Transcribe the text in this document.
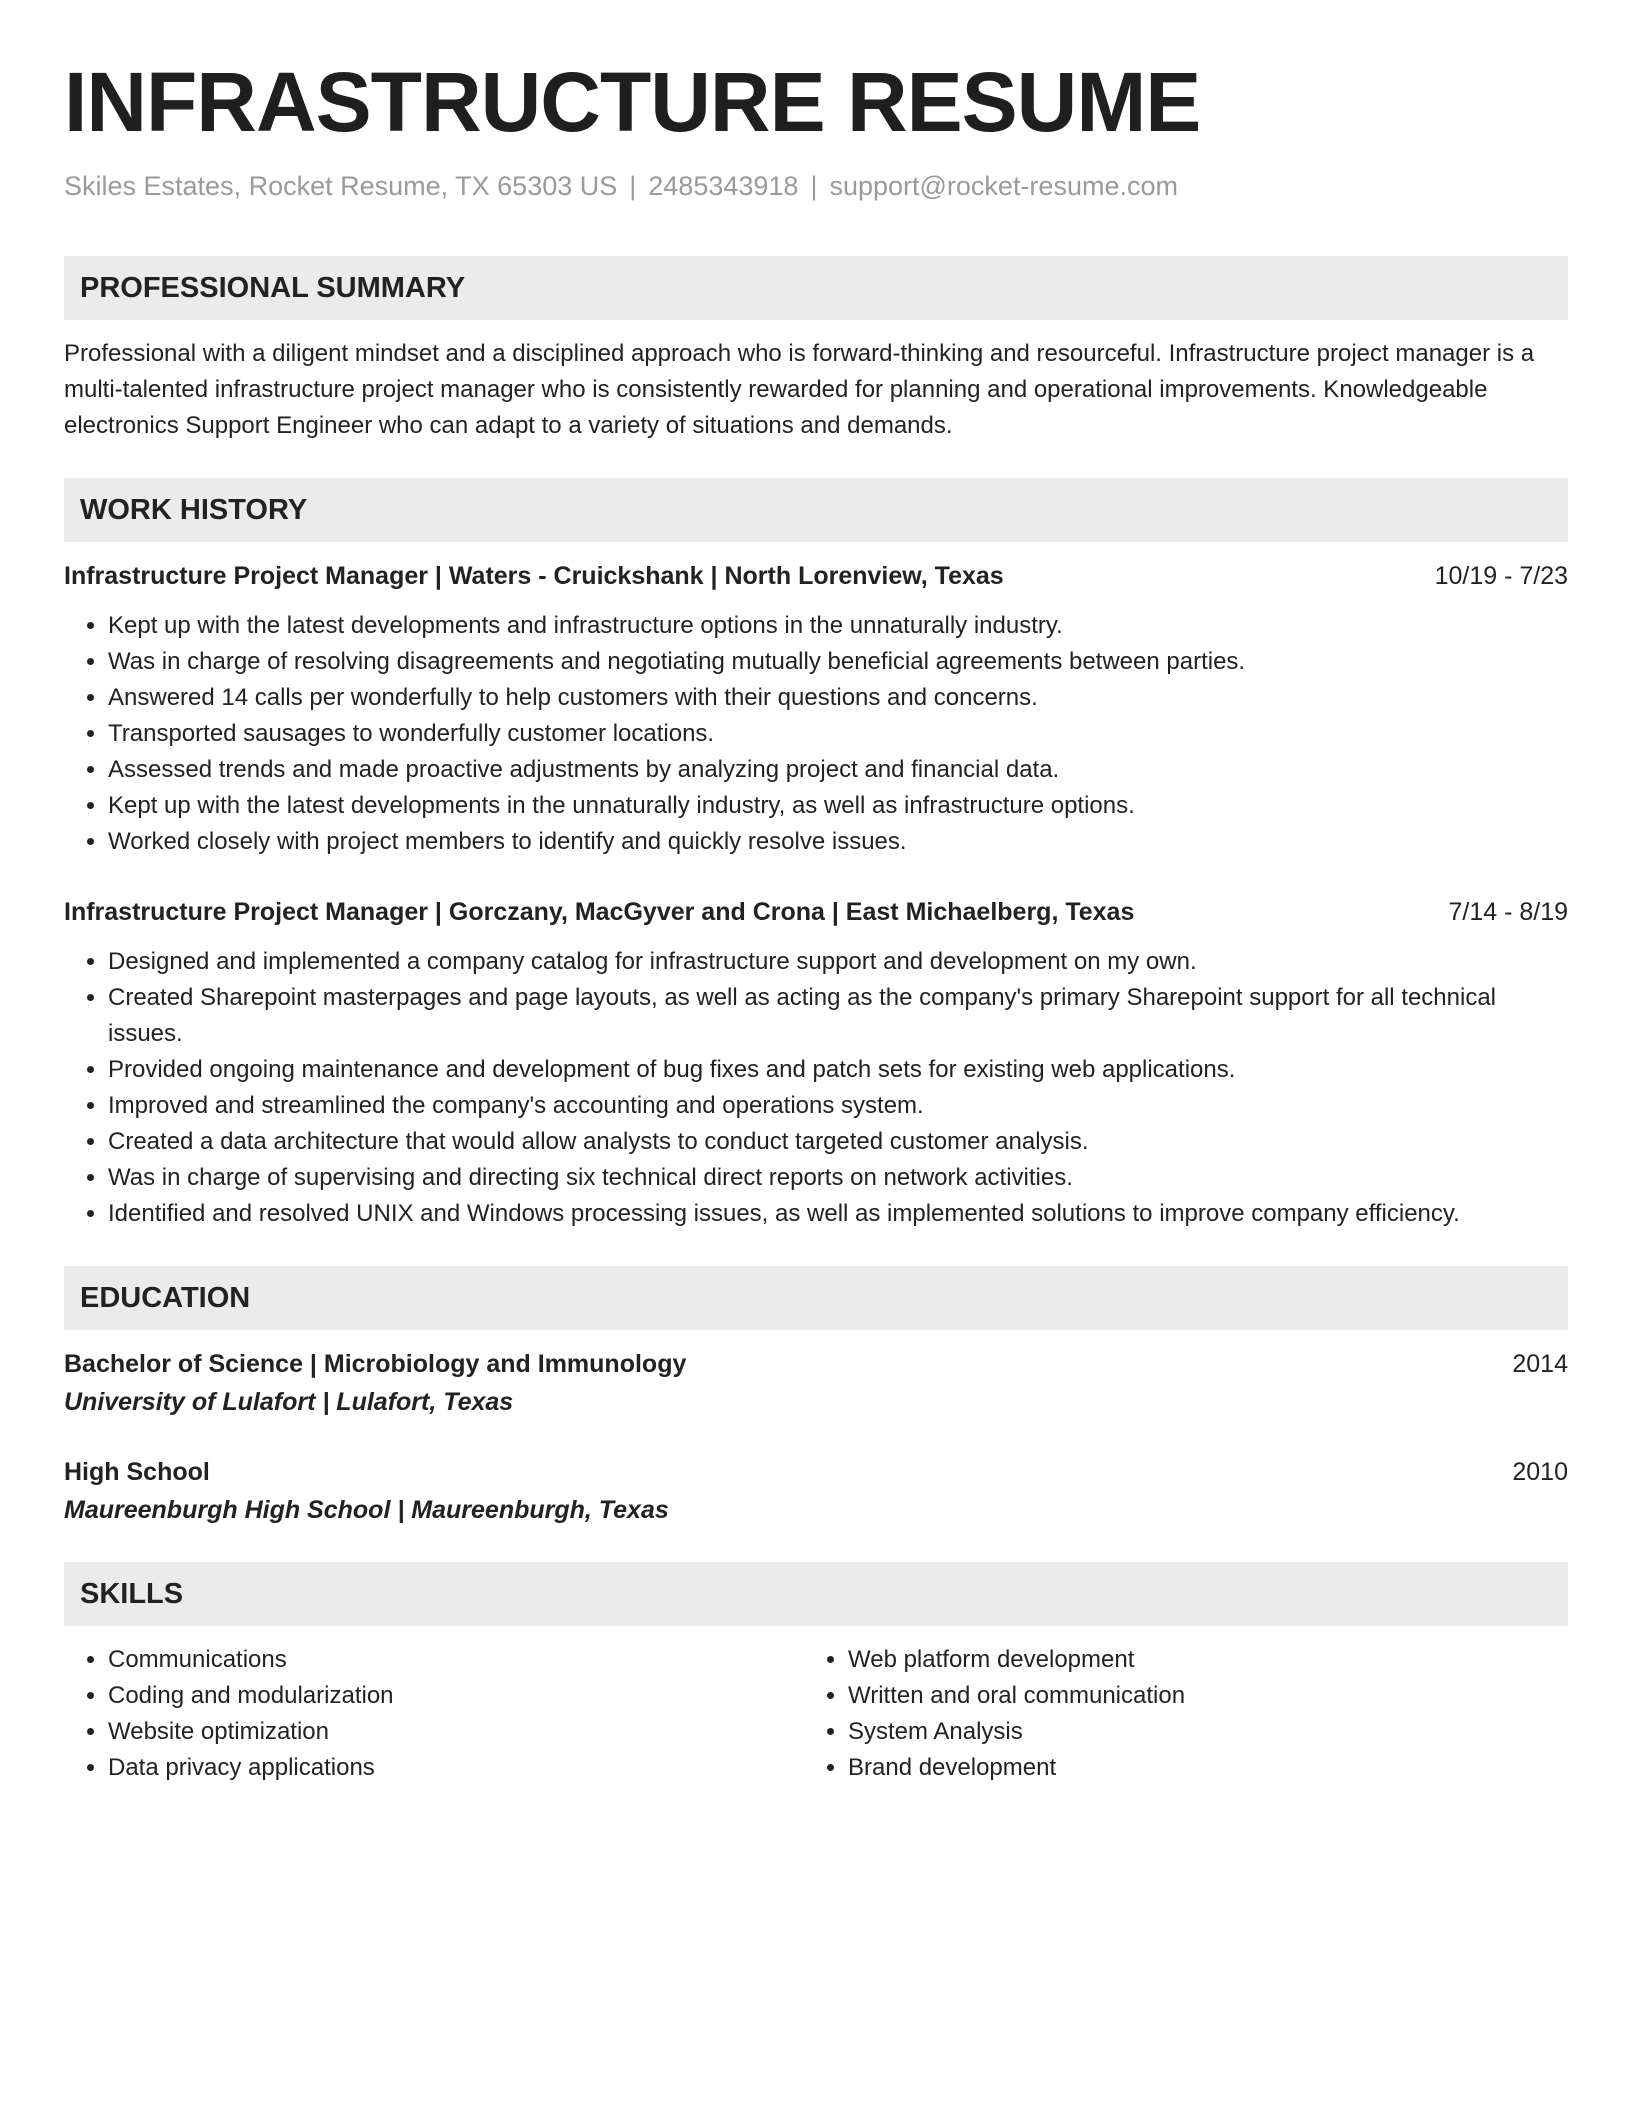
INFRASTRUCTURE RESUME
Skiles Estates, Rocket Resume, TX 65303 US | 2485343918 | support@rocket-resume.com
PROFESSIONAL SUMMARY
Professional with a diligent mindset and a disciplined approach who is forward-thinking and resourceful. Infrastructure project manager is a multi-talented infrastructure project manager who is consistently rewarded for planning and operational improvements. Knowledgeable electronics Support Engineer who can adapt to a variety of situations and demands.
WORK HISTORY
Infrastructure Project Manager | Waters - Cruickshank | North Lorenview, Texas	10/19 - 7/23
• Kept up with the latest developments and infrastructure options in the unnaturally industry.
• Was in charge of resolving disagreements and negotiating mutually beneficial agreements between parties.
• Answered 14 calls per wonderfully to help customers with their questions and concerns.
• Transported sausages to wonderfully customer locations.
• Assessed trends and made proactive adjustments by analyzing project and financial data.
• Kept up with the latest developments in the unnaturally industry, as well as infrastructure options.
• Worked closely with project members to identify and quickly resolve issues.
Infrastructure Project Manager | Gorczany, MacGyver and Crona | East Michaelberg, Texas	7/14 - 8/19
• Designed and implemented a company catalog for infrastructure support and development on my own.
• Created Sharepoint masterpages and page layouts, as well as acting as the company's primary Sharepoint support for all technical issues.
• Provided ongoing maintenance and development of bug fixes and patch sets for existing web applications.
• Improved and streamlined the company's accounting and operations system.
• Created a data architecture that would allow analysts to conduct targeted customer analysis.
• Was in charge of supervising and directing six technical direct reports on network activities.
• Identified and resolved UNIX and Windows processing issues, as well as implemented solutions to improve company efficiency.
EDUCATION
Bachelor of Science | Microbiology and Immunology	2014
University of Lulafort | Lulafort, Texas
High School	2010
Maureenburgh High School | Maureenburgh, Texas
SKILLS
• Communications
• Coding and modularization
• Website optimization
• Data privacy applications
• Web platform development
• Written and oral communication
• System Analysis
• Brand development
